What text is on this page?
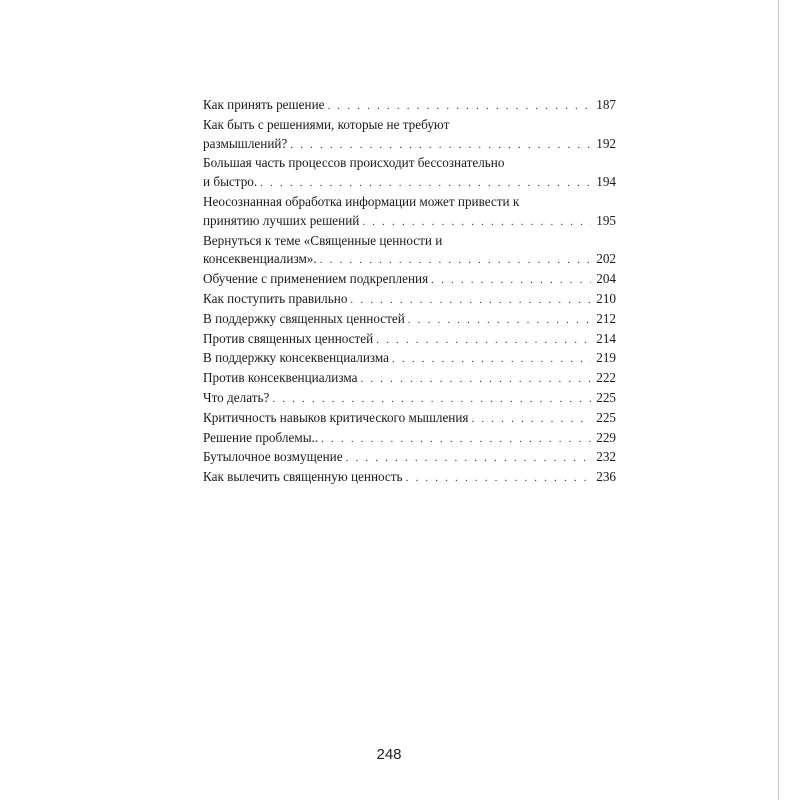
Как принять решение . . .	187
Как быть с решениями, которые не требуют
размышлений? . . .	192
Большая часть процессов происходит бессознательно
и быстро. . . .	194
Неосознанная обработка информации может привести к
принятию лучших решений . . .	195
Вернуться к теме «Священные ценности и
консеквенциализм». . . .	202
Обучение с применением подкрепления . . .	204
Как поступить правильно . . .	210
В поддержку священных ценностей . . .	212
Против священных ценностей . . .	214
В поддержку консеквенциализма . . .	219
Против консеквенциализма . . .	222
Что делать? . . .	225
Критичность навыков критического мышления . . .	225
Решение проблемы.. . . .	229
Бутылочное возмущение . . .	232
Как вылечить священную ценность . . .	236
248
